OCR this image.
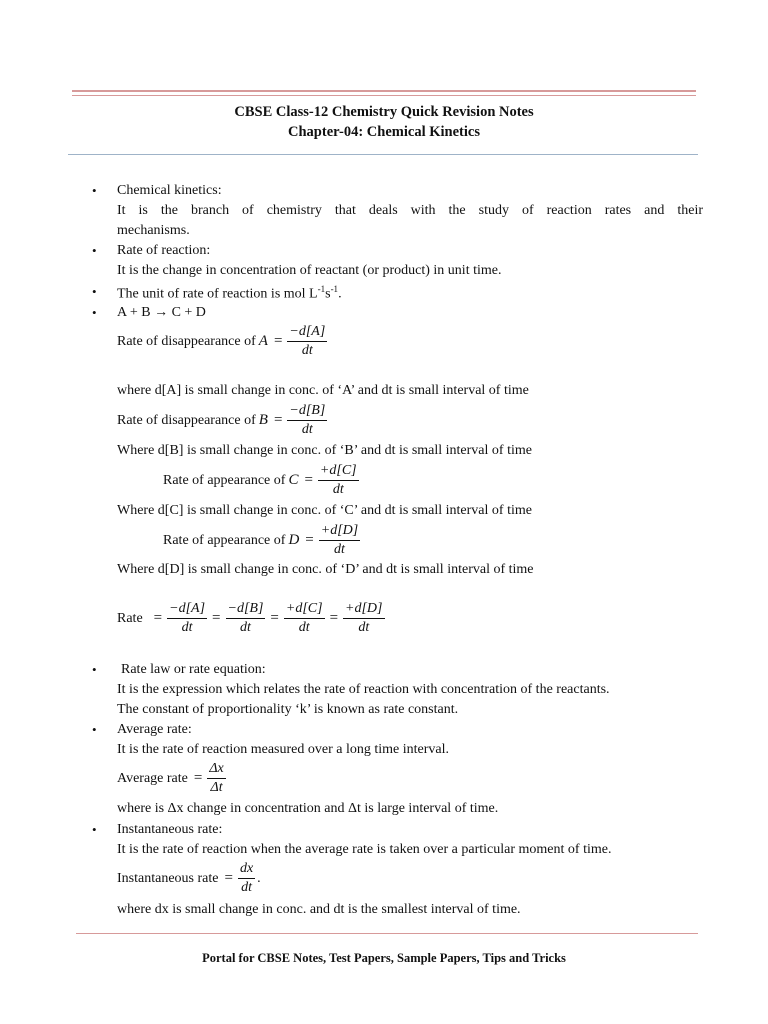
CBSE Class-12 Chemistry Quick Revision Notes
Chapter-04: Chemical Kinetics
• Chemical kinetics:
It is the branch of chemistry that deals with the study of reaction rates and their
mechanisms.
• Rate of reaction:
It is the change in concentration of reactant (or product) in unit time.
• The unit of rate of reaction is mol $L^{-1}s^{-1}$.
• A + B → C + D
Rate of disappearance of $A = \frac{-d[A]}{dt}$
where d[A] is small change in conc. of ‘A’ and dt is small interval of time
Rate of disappearance of $B = \frac{-d[B]}{dt}$
Where d[B] is small change in conc. of ‘B’ and dt is small interval of time
Rate of appearance of $C = \frac{+d[C]}{dt}$
Where d[C] is small change in conc. of ‘C’ and dt is small interval of time
Rate of appearance of $D = \frac{+d[D]}{dt}$
Where d[D] is small change in conc. of ‘D’ and dt is small interval of time
Rate = $\frac{-d[A]}{dt} = \frac{-d[B]}{dt} = \frac{+d[C]}{dt} = \frac{+d[D]}{dt}$
• Rate law or rate equation:
It is the expression which relates the rate of reaction with concentration of the reactants.
The constant of proportionality ‘k’ is known as rate constant.
• Average rate:
It is the rate of reaction measured over a long time interval.
Average rate = $\frac{\Delta x}{\Delta t}$
where is Δx change in concentration and Δt is large interval of time.
• Instantaneous rate:
It is the rate of reaction when the average rate is taken over a particular moment of time.
Instantaneous rate = $\frac{dx}{dt}$ .
where dx is small change in conc. and dt is the smallest interval of time.
Portal for CBSE Notes, Test Papers, Sample Papers, Tips and Tricks
